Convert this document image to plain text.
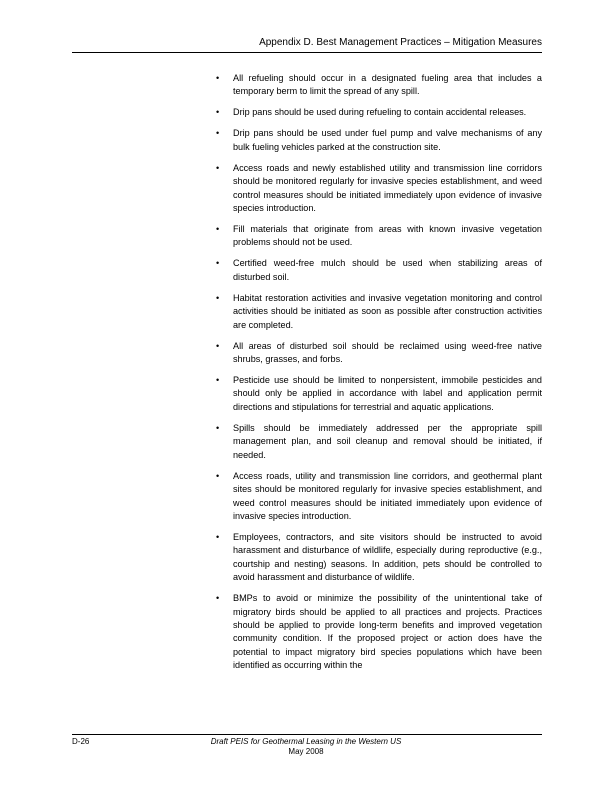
Appendix D. Best Management Practices – Mitigation Measures
•	All refueling should occur in a designated fueling area that includes a temporary berm to limit the spread of any spill.
•	Drip pans should be used during refueling to contain accidental releases.
•	Drip pans should be used under fuel pump and valve mechanisms of any bulk fueling vehicles parked at the construction site.
•	Access roads and newly established utility and transmission line corridors should be monitored regularly for invasive species establishment, and weed control measures should be initiated immediately upon evidence of invasive species introduction.
•	Fill materials that originate from areas with known invasive vegetation problems should not be used.
•	Certified weed-free mulch should be used when stabilizing areas of disturbed soil.
•	Habitat restoration activities and invasive vegetation monitoring and control activities should be initiated as soon as possible after construction activities are completed.
•	All areas of disturbed soil should be reclaimed using weed-free native shrubs, grasses, and forbs.
•	Pesticide use should be limited to nonpersistent, immobile pesticides and should only be applied in accordance with label and application permit directions and stipulations for terrestrial and aquatic applications.
•	Spills should be immediately addressed per the appropriate spill management plan, and soil cleanup and removal should be initiated, if needed.
•	Access roads, utility and transmission line corridors, and geothermal plant sites should be monitored regularly for invasive species establishment, and weed control measures should be initiated immediately upon evidence of invasive species introduction.
•	Employees, contractors, and site visitors should be instructed to avoid harassment and disturbance of wildlife, especially during reproductive (e.g., courtship and nesting) seasons. In addition, pets should be controlled to avoid harassment and disturbance of wildlife.
•	BMPs to avoid or minimize the possibility of the unintentional take of migratory birds should be applied to all practices and projects. Practices should be applied to provide long-term benefits and improved vegetation community condition. If the proposed project or action does have the potential to impact migratory bird species populations which have been identified as occurring within the
D-26	Draft PEIS for Geothermal Leasing in the Western US
May 2008
